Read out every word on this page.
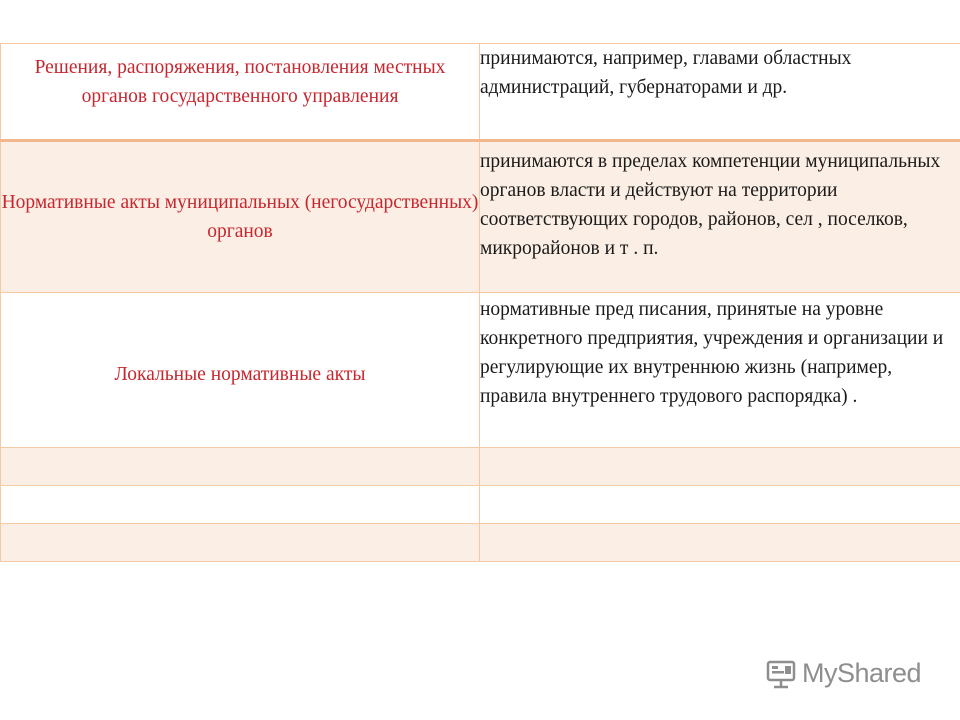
Решения, распоряжения, постановления местных органов государственного управления	принимаются, например, главами областных администраций, губернаторами и др.
Нормативные акты муниципальных (негосударственных) органов	принимаются в пределах компетенции муниципальных органов власти и действуют на территории соответствующих городов, районов, сел , поселков, микрорайонов и т . п.
Локальные нормативные акты	нормативные пред писания, принятые на уровне конкретного предприятия, учреждения и организации и регулирующие их внутреннюю жизнь (например, правила внутреннего трудового распорядка) .

MyShared
